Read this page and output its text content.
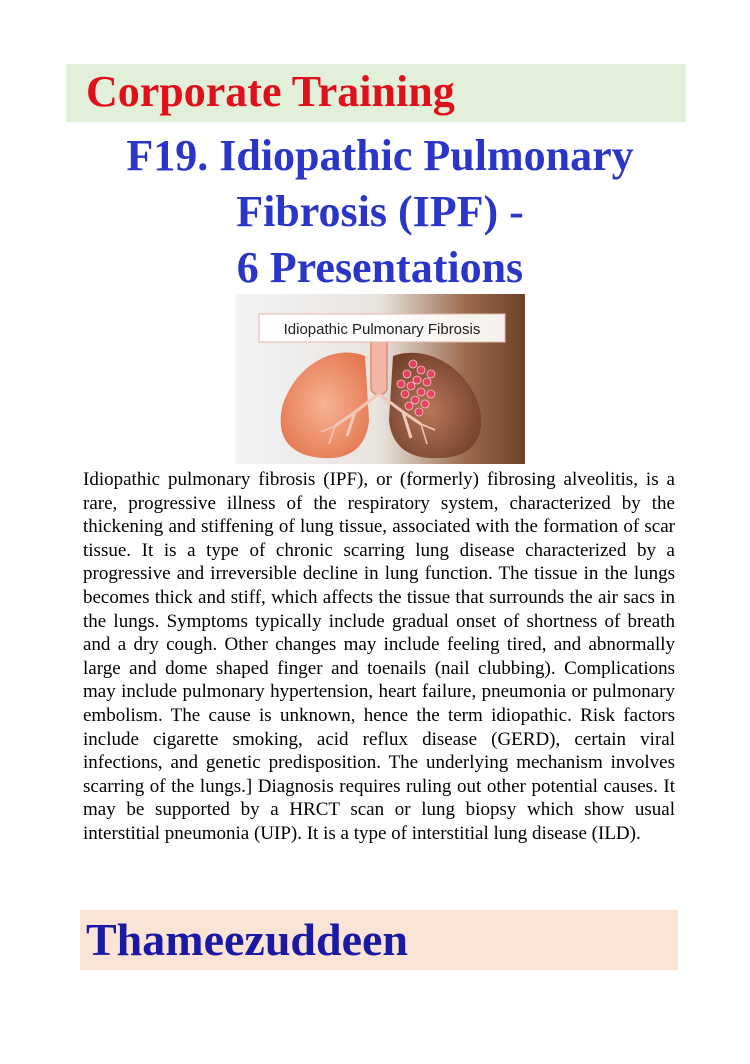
Corporate Training
F19. Idiopathic Pulmonary
Fibrosis (IPF) -
6 Presentations
Idiopathic Pulmonary Fibrosis

Idiopathic pulmonary fibrosis (IPF), or (formerly) fibrosing alveolitis, is a rare, progressive illness of the respiratory system, characterized by the thickening and stiffening of lung tissue, associated with the formation of scar tissue. It is a type of chronic scarring lung disease characterized by a progressive and irreversible decline in lung function. The tissue in the lungs becomes thick and stiff, which affects the tissue that surrounds the air sacs in the lungs. Symptoms typically include gradual onset of shortness of breath and a dry cough. Other changes may include feeling tired, and abnormally large and dome shaped finger and toenails (nail clubbing). Complications may include pulmonary hypertension, heart failure, pneumonia or pulmonary embolism. The cause is unknown, hence the term idiopathic. Risk factors include cigarette smoking, acid reflux disease (GERD), certain viral infections, and genetic predisposition. The underlying mechanism involves scarring of the lungs.] Diagnosis requires ruling out other potential causes. It may be supported by a HRCT scan or lung biopsy which show usual interstitial pneumonia (UIP). It is a type of interstitial lung disease (ILD).

Thameezuddeen
